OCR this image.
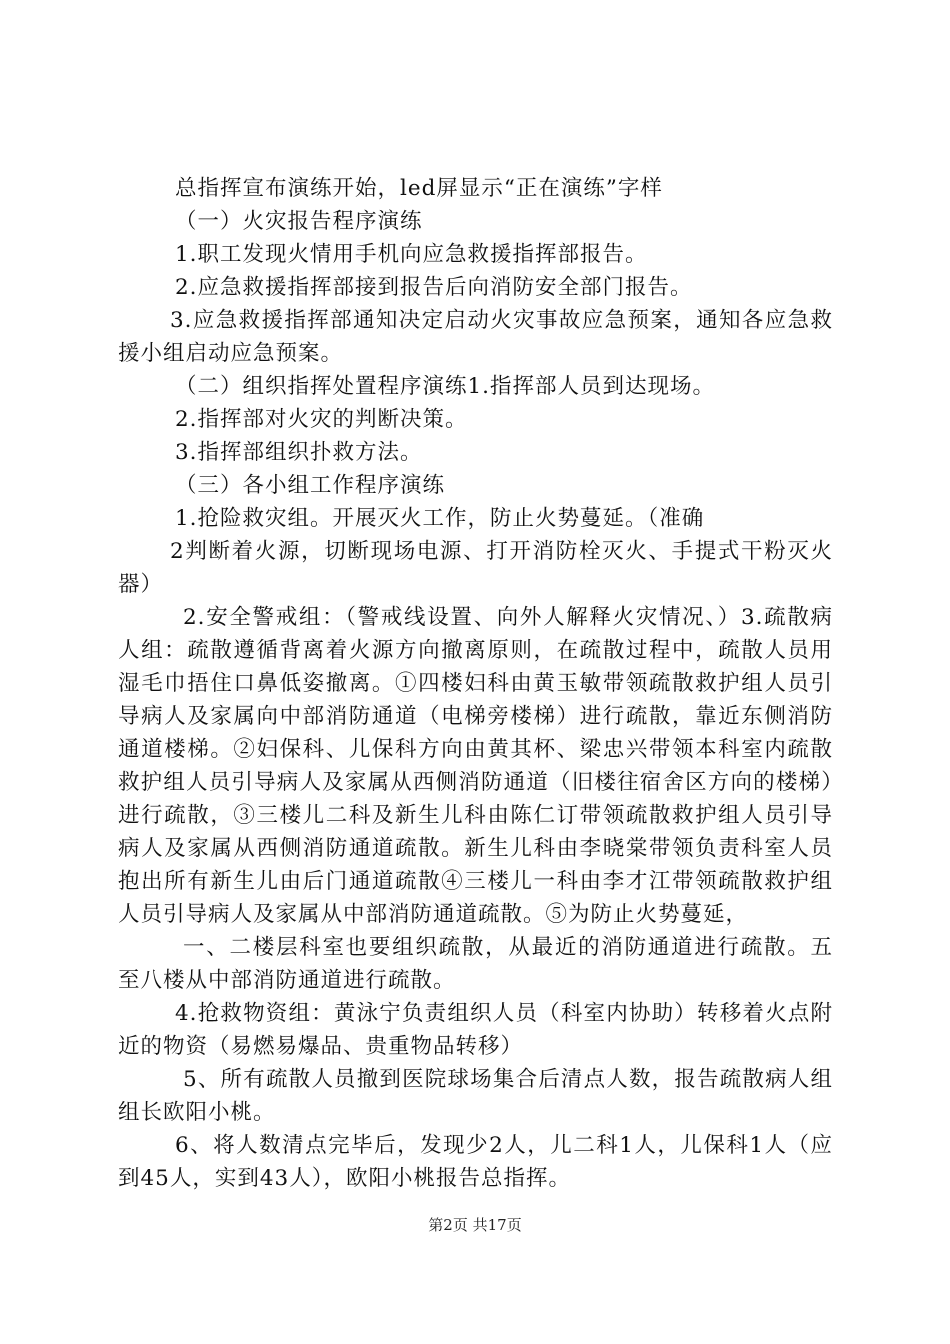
总指挥宣布演练开始，led屏显示“正在演练”字样

（一）火灾报告程序演练

1.职工发现火情用手机向应急救援指挥部报告。

2.应急救援指挥部接到报告后向消防安全部门报告。

3.应急救援指挥部通知决定启动火灾事故应急预案，通知各应急救援小组启动应急预案。

（二）组织指挥处置程序演练1.指挥部人员到达现场。

2.指挥部对火灾的判断决策。

3.指挥部组织扑救方法。

（三）各小组工作程序演练

1.抢险救灾组。开展灭火工作，防止火势蔓延。（准确

2判断着火源，切断现场电源、打开消防栓灭火、手提式干粉灭火器）

2.安全警戒组：（警戒线设置、向外人解释火灾情况、）3.疏散病人组：疏散遵循背离着火源方向撤离原则，在疏散过程中，疏散人员用湿毛巾捂住口鼻低姿撤离。①四楼妇科由黄玉敏带领疏散救护组人员引导病人及家属向中部消防通道（电梯旁楼梯）进行疏散，靠近东侧消防通道楼梯。②妇保科、儿保科方向由黄其杯、梁忠兴带领本科室内疏散救护组人员引导病人及家属从西侧消防通道（旧楼往宿舍区方向的楼梯）进行疏散，③三楼儿二科及新生儿科由陈仁订带领疏散救护组人员引导病人及家属从西侧消防通道疏散。新生儿科由李晓棠带领负责科室人员抱出所有新生儿由后门通道疏散④三楼儿一科由李才江带领疏散救护组人员引导病人及家属从中部消防通道疏散。⑤为防止火势蔓延，

一、二楼层科室也要组织疏散，从最近的消防通道进行疏散。五至八楼从中部消防通道进行疏散。

4.抢救物资组：黄泳宁负责组织人员（科室内协助）转移着火点附近的物资（易燃易爆品、贵重物品转移）

5、所有疏散人员撤到医院球场集合后清点人数，报告疏散病人组组长欧阳小桃。

6、将人数清点完毕后，发现少2人，儿二科1人，儿保科1人（应到45人，实到43人），欧阳小桃报告总指挥。

第2页 共17页
